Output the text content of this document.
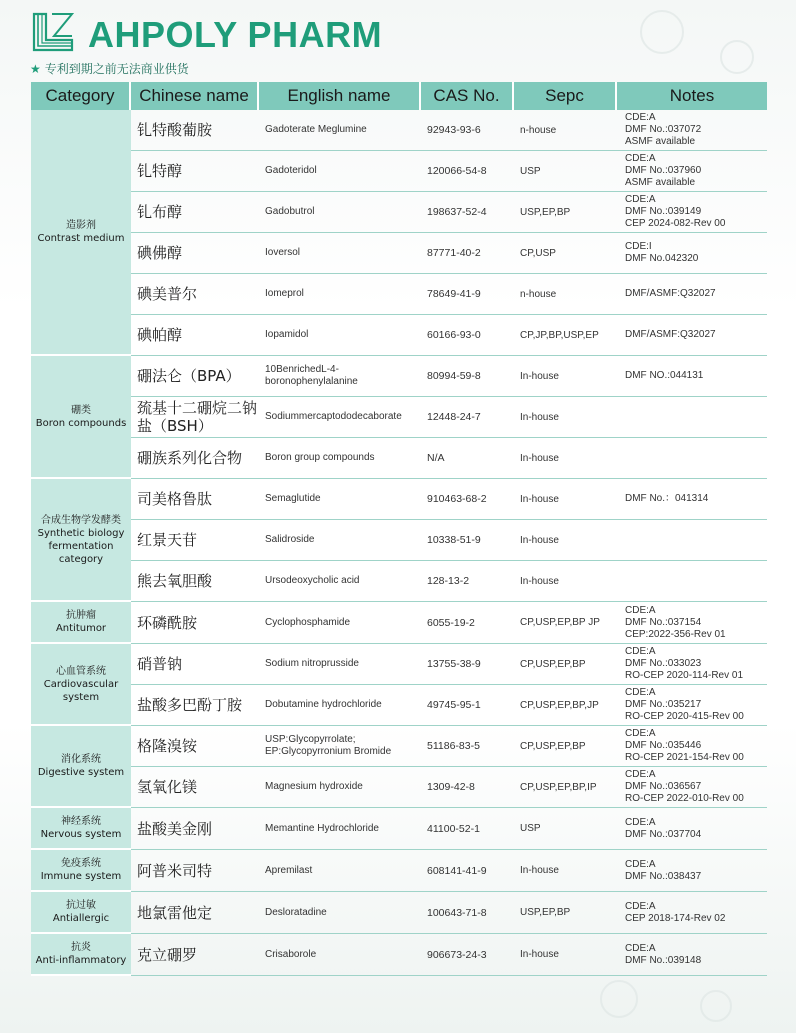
AHPOLY PHARM
★ 专利到期之前无法商业供货
Category	Chinese name	English name	CAS No.	Sepc	Notes

造影剂
Contrast medium	钆特酸葡胺	Gadoterate Meglumine	92943-93-6	n-house	CDE:A
DMF No.:037072
ASMF available

	钆特醇	Gadoteridol	120066-54-8	USP	CDE:A
DMF No.:037960
ASMF available

	钆布醇	Gadobutrol	198637-52-4	USP,EP,BP	CDE:A
DMF No.:039149
CEP 2024-082-Rev 00

	碘佛醇	Ioversol	87771-40-2	CP,USP	CDE:I
DMF No.042320

	碘美普尔	Iomeprol	78649-41-9	n-house	DMF/ASMF:Q32027

	碘帕醇	Iopamidol	60166-93-0	CP,JP,BP,USP,EP	DMF/ASMF:Q32027

硼类
Boron compounds	硼法仑（BPA）	10BenrichedL-4-boronophenylalanine	80994-59-8	In-house	DMF NO.:044131

	巯基十二硼烷二钠盐（BSH）	Sodiummercaptododecaborate	12448-24-7	In-house	
	硼族系列化合物	Boron group compounds	N/A	In-house	

合成生物学发酵类
Synthetic biology fermentation category	司美格鲁肽	Semaglutide	910463-68-2	In-house	DMF No.：041314

	红景天苷	Salidroside	10338-51-9	In-house	
	熊去氧胆酸	Ursodeoxycholic acid	128-13-2	In-house	

抗肿瘤
Antitumor	环磷酰胺	Cyclophosphamide	6055-19-2	CP,USP,EP,BP JP	CDE:A
DMF No.:037154
CEP:2022-356-Rev 01

心血管系统
Cardiovascular system	硝普钠	Sodium nitroprusside	13755-38-9	CP,USP,EP,BP	CDE:A
DMF No.:033023
RO-CEP 2020-114-Rev 01

	盐酸多巴酚丁胺	Dobutamine hydrochloride	49745-95-1	CP,USP,EP,BP,JP	CDE:A
DMF No.:035217
RO-CEP 2020-415-Rev 00

消化系统
Digestive system	格隆溴铵	USP:Glycopyrrolate; EP:Glycopyrronium Bromide	51186-83-5	CP,USP,EP,BP	CDE:A
DMF No.:035446
RO-CEP 2021-154-Rev 00

	氢氧化镁	Magnesium hydroxide	1309-42-8	CP,USP,EP,BP,IP	CDE:A
DMF No.:036567
RO-CEP 2022-010-Rev 00

神经系统
Nervous system	盐酸美金刚	Memantine Hydrochloride	41100-52-1	USP	CDE:A
DMF No.:037704

免疫系统
Immune system	阿普米司特	Apremilast	608141-41-9	In-house	CDE:A
DMF No.:038437

抗过敏
Antiallergic	地氯雷他定	Desloratadine	100643-71-8	USP,EP,BP	CDE:A
CEP 2018-174-Rev 02

抗炎
Anti-inflammatory	克立硼罗	Crisaborole	906673-24-3	In-house	CDE:A
DMF No.:039148
